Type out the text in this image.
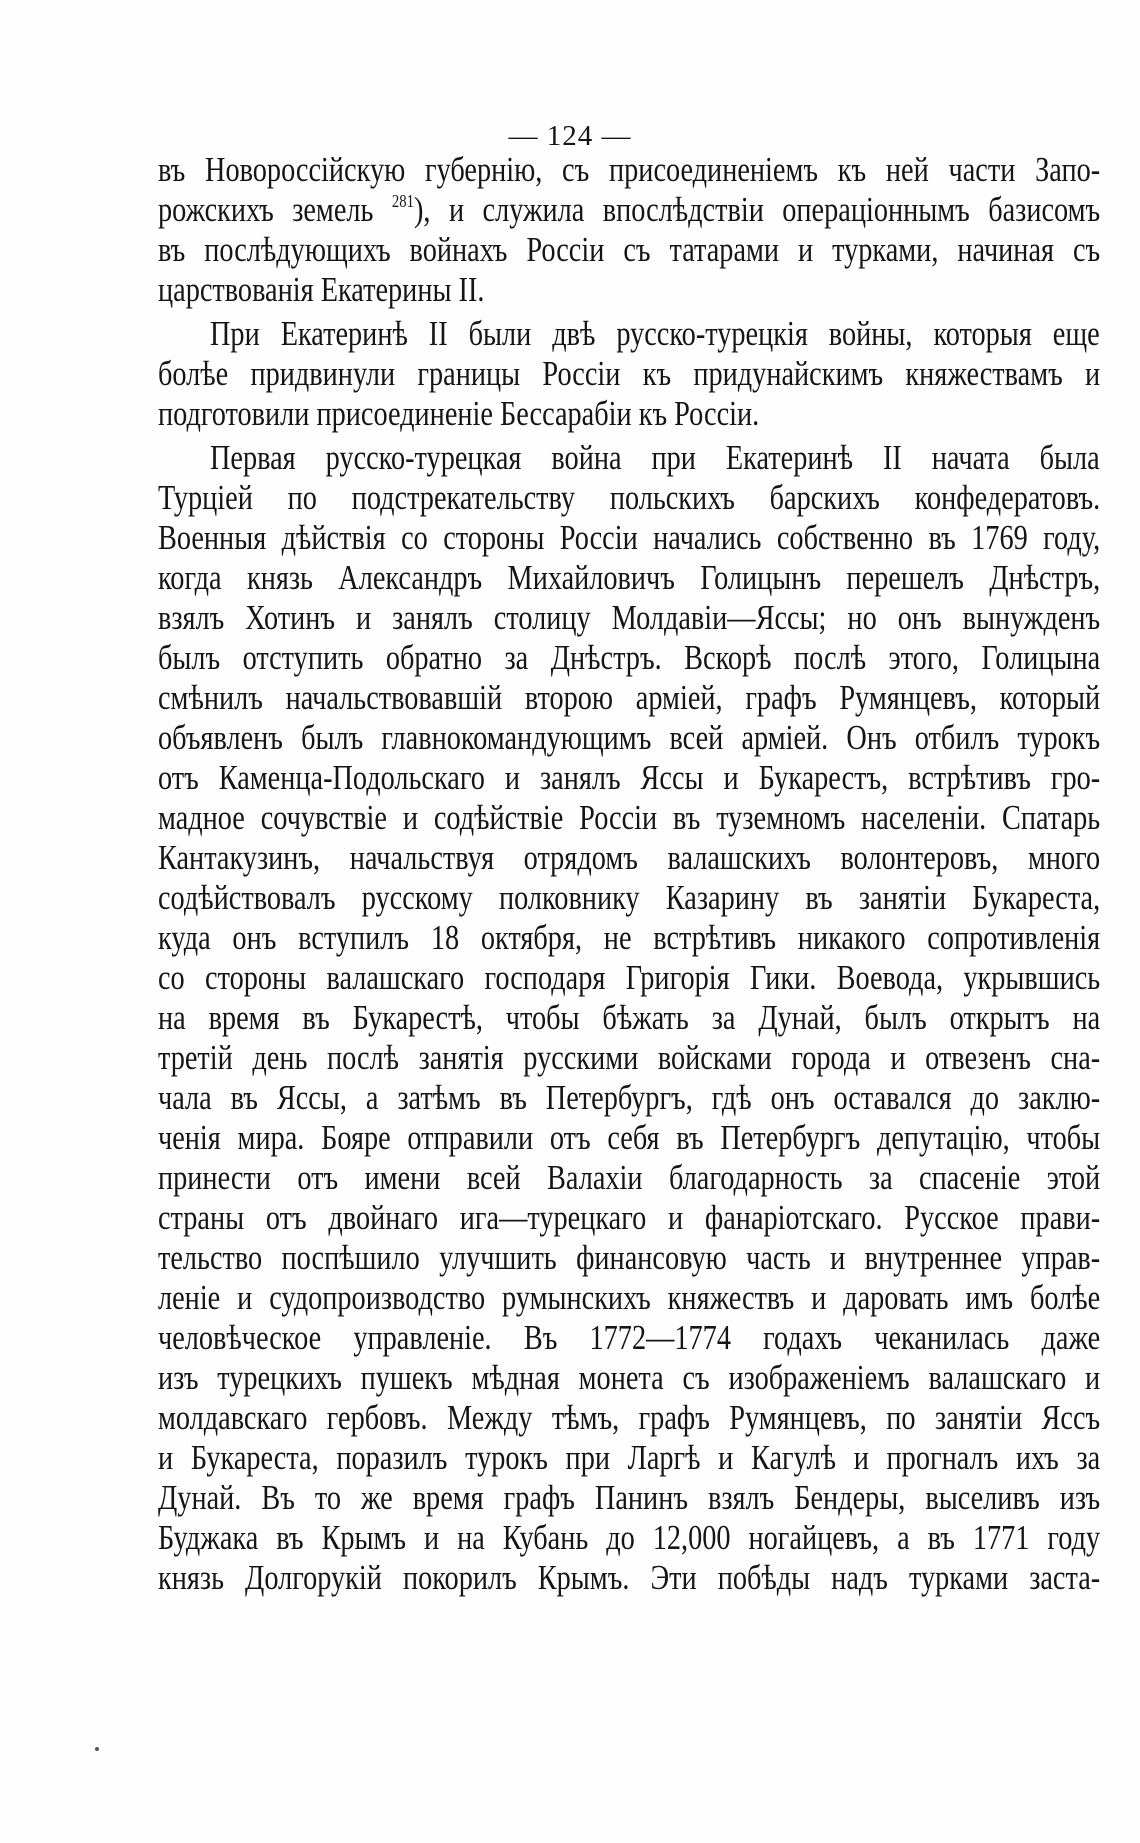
— 124 —
въ Новороссійскую губернію, съ присоединеніемъ къ ней части Запо-
рожскихъ земель $^{281}$), и служила впослѣдствіи операціоннымъ базисомъ
въ послѣдующихъ войнахъ Россіи съ татарами и турками, начиная съ
царствованія Екатерины II.
При Екатеринѣ II были двѣ русско-турецкія войны, которыя еще
болѣе придвинули границы Россіи къ придунайскимъ княжествамъ и
подготовили присоединеніе Бессарабіи къ Россіи.
Первая русско-турецкая война при Екатеринѣ II начата была
Турціей по подстрекательству польскихъ барскихъ конфедератовъ.
Военныя дѣйствія со стороны Россіи начались собственно въ 1769 году,
когда князь Александръ Михайловичъ Голицынъ перешелъ Днѣстръ,
взялъ Хотинъ и занялъ столицу Молдавіи—Яссы; но онъ вынужденъ
былъ отступить обратно за Днѣстръ. Вскорѣ послѣ этого, Голицына
смѣнилъ начальствовавшій второю арміей, графъ Румянцевъ, который
объявленъ былъ главнокомандующимъ всей арміей. Онъ отбилъ турокъ
отъ Каменца-Подольскаго и занялъ Яссы и Букарестъ, встрѣтивъ гро-
мадное сочувствіе и содѣйствіе Россіи въ туземномъ населеніи. Спатарь
Кантакузинъ, начальствуя отрядомъ валашскихъ волонтеровъ, много
содѣйствовалъ русскому полковнику Казарину въ занятіи Букареста,
куда онъ вступилъ 18 октября, не встрѣтивъ никакого сопротивленія
со стороны валашскаго господаря Григорія Гики. Воевода, укрывшись
на время въ Букарестѣ, чтобы бѣжать за Дунай, былъ открытъ на
третій день послѣ занятія русскими войсками города и отвезенъ сна-
чала въ Яссы, а затѣмъ въ Петербургъ, гдѣ онъ оставался до заклю-
ченія мира. Бояре отправили отъ себя въ Петербургъ депутацію, чтобы
принести отъ имени всей Валахіи благодарность за спасеніе этой
страны отъ двойнаго ига—турецкаго и фанаріотскаго. Русское прави-
тельство поспѣшило улучшить финансовую часть и внутреннее управ-
леніе и судопроизводство румынскихъ княжествъ и даровать имъ болѣе
человѣческое управленіе. Въ 1772—1774 годахъ чеканилась даже
изъ турецкихъ пушекъ мѣдная монета съ изображеніемъ валашскаго и
молдавскаго гербовъ. Между тѣмъ, графъ Румянцевъ, по занятіи Яссъ
и Букареста, поразилъ турокъ при Ларгѣ и Кагулѣ и прогналъ ихъ за
Дунай. Въ то же время графъ Панинъ взялъ Бендеры, выселивъ изъ
Буджака въ Крымъ и на Кубань до 12,000 ногайцевъ, а въ 1771 году
князь Долгорукій покорилъ Крымъ. Эти побѣды надъ турками заста-
